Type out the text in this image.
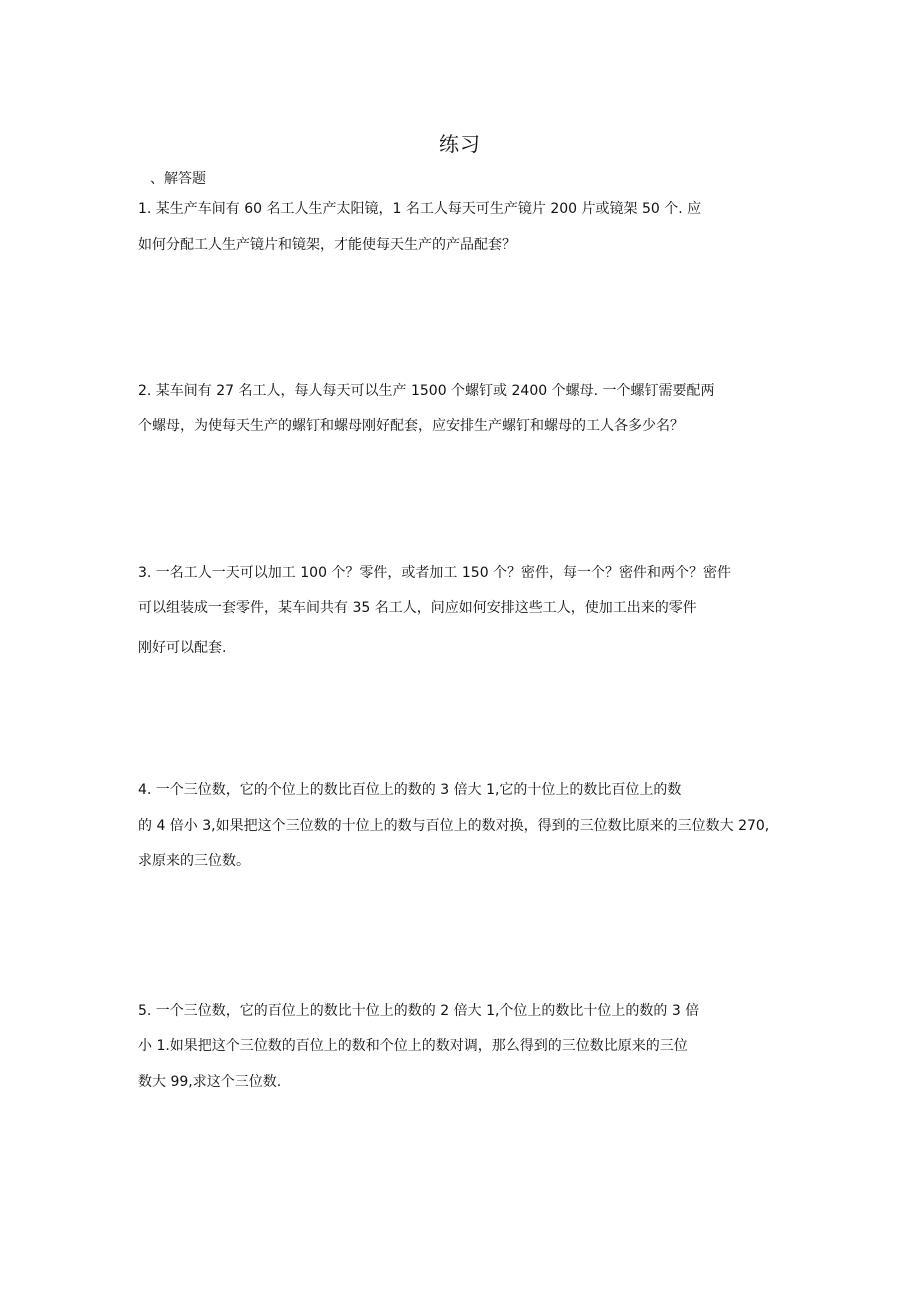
练习
、解答题
1. 某生产车间有 60 名工人生产太阳镜，1 名工人每天可生产镜片 200 片或镜架 50 个. 应
如何分配工人生产镜片和镜架，才能使每天生产的产品配套？
2. 某车间有 27 名工人，每人每天可以生产 1500 个螺钉或 2400 个螺母. 一个螺钉需要配两
个螺母，为使每天生产的螺钉和螺母刚好配套，应安排生产螺钉和螺母的工人各多少名？
3. 一名工人一天可以加工 100 个？零件，或者加工 150 个？密件，每一个？密件和两个？密件
可以组装成一套零件，某车间共有 35 名工人，问应如何安排这些工人，使加工出来的零件
刚好可以配套.
4. 一个三位数，它的个位上的数比百位上的数的 3 倍大 1,它的十位上的数比百位上的数
的 4 倍小 3,如果把这个三位数的十位上的数与百位上的数对换，得到的三位数比原来的三位数大 270,
求原来的三位数。
5. 一个三位数，它的百位上的数比十位上的数的 2 倍大 1,个位上的数比十位上的数的 3 倍
小 1.如果把这个三位数的百位上的数和个位上的数对调，那么得到的三位数比原来的三位
数大 99,求这个三位数.
